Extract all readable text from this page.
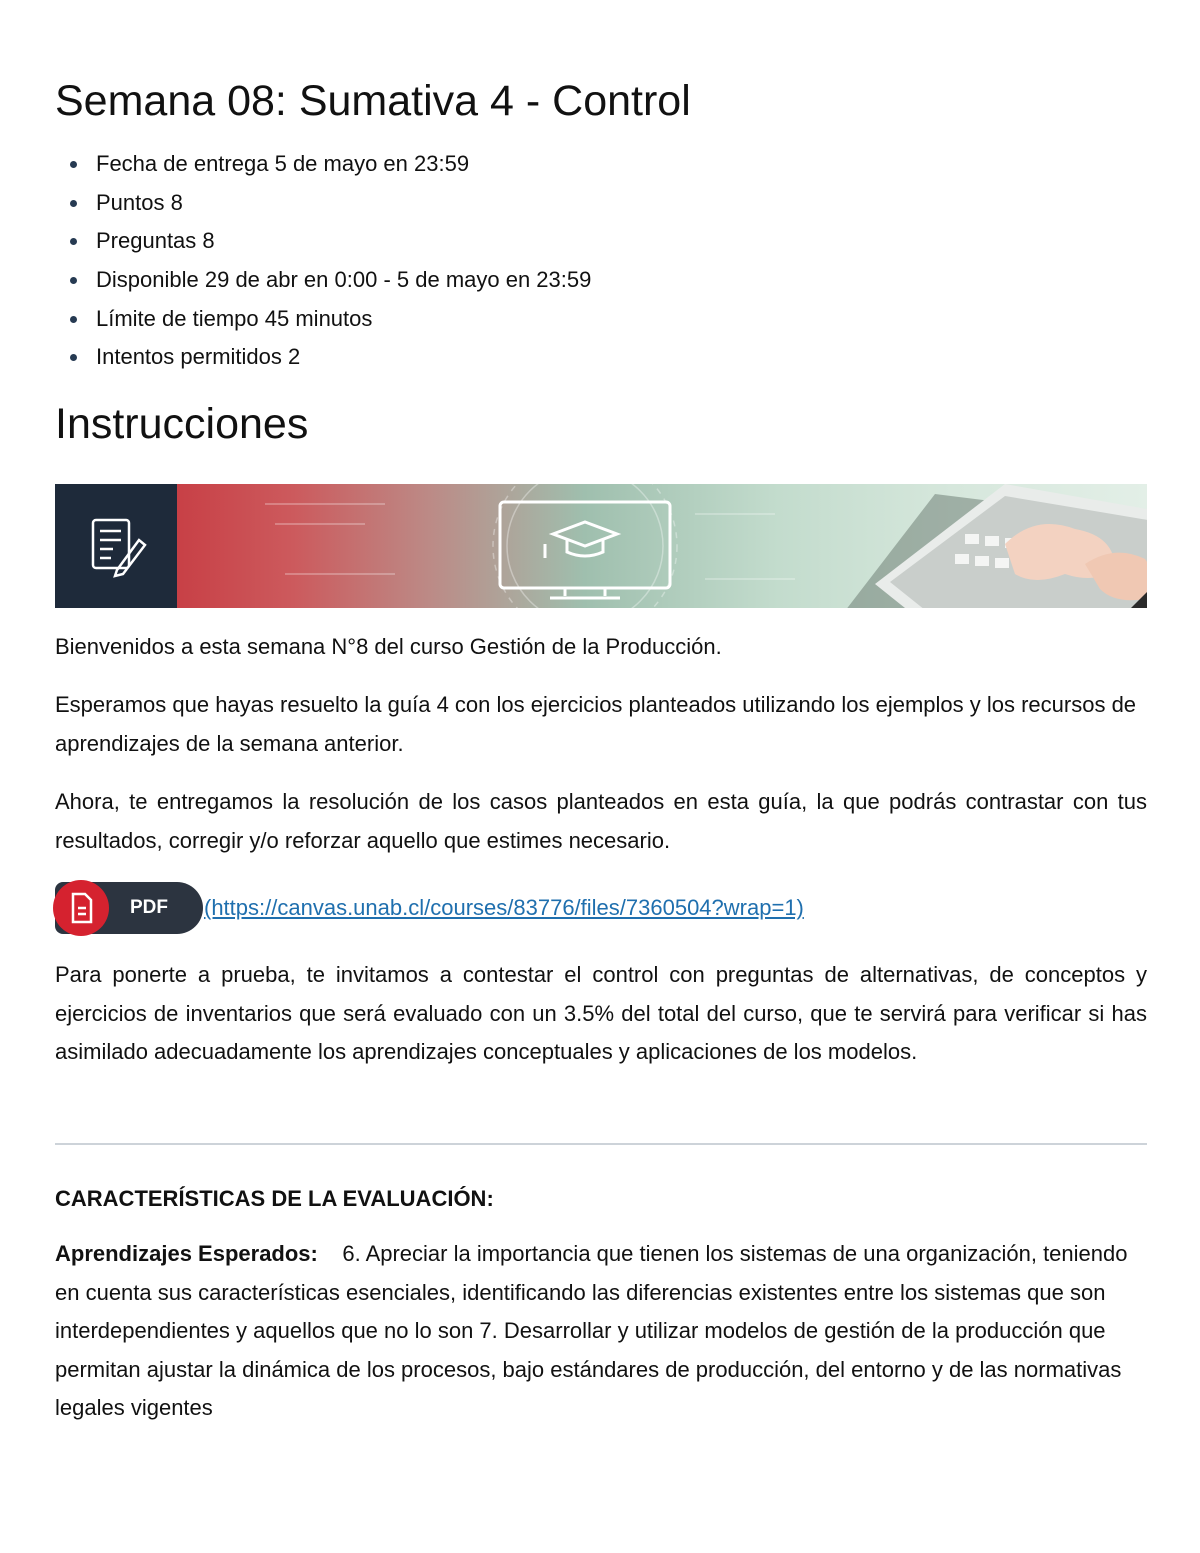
Semana 08: Sumativa 4 - Control
Fecha de entrega 5 de mayo en 23:59
Puntos 8
Preguntas 8
Disponible 29 de abr en 0:00 - 5 de mayo en 23:59
Límite de tiempo 45 minutos
Intentos permitidos 2
Instrucciones

Bienvenidos a esta semana N°8 del curso Gestión de la Producción.

Esperamos que hayas resuelto la guía 4 con los ejercicios planteados utilizando los ejemplos y los recursos de aprendizajes de la semana anterior.

Ahora, te entregamos la resolución de los casos planteados en esta guía, la que podrás contrastar con tus resultados, corregir y/o reforzar aquello que estimes necesario.

PDF (https://canvas.unab.cl/courses/83776/files/7360504?wrap=1)

Para ponerte a prueba, te invitamos a contestar el control con preguntas de alternativas, de conceptos y ejercicios de inventarios que será evaluado con un 3.5% del total del curso, que te servirá para verificar si has asimilado adecuadamente los aprendizajes conceptuales y aplicaciones de los modelos.

CARACTERÍSTICAS DE LA EVALUACIÓN:

Aprendizajes Esperados: 6. Apreciar la importancia que tienen los sistemas de una organización, teniendo en cuenta sus características esenciales, identificando las diferencias existentes entre los sistemas que son interdependientes y aquellos que no lo son 7. Desarrollar y utilizar modelos de gestión de la producción que permitan ajustar la dinámica de los procesos, bajo estándares de producción, del entorno y de las normativas legales vigentes
